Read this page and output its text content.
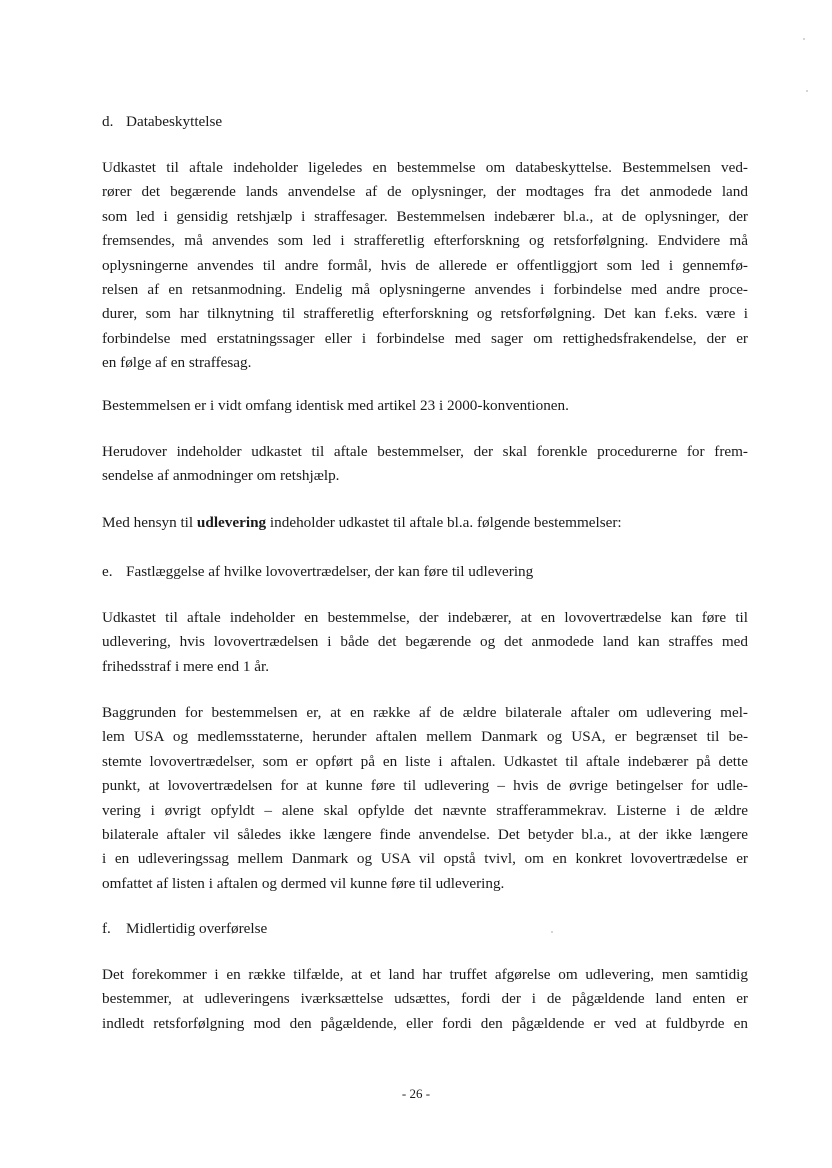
d. Databeskyttelse
Udkastet til aftale indeholder ligeledes en bestemmelse om databeskyttelse. Bestemmelsen ved-
rører det begærende lands anvendelse af de oplysninger, der modtages fra det anmodede land
som led i gensidig retshjælp i straffesager. Bestemmelsen indebærer bl.a., at de oplysninger, der
fremsendes, må anvendes som led i strafferetlig efterforskning og retsforfølgning. Endvidere må
oplysningerne anvendes til andre formål, hvis de allerede er offentliggjort som led i gennemfø-
relsen af en retsanmodning. Endelig må oplysningerne anvendes i forbindelse med andre proce-
durer, som har tilknytning til strafferetlig efterforskning og retsforfølgning. Det kan f.eks. være i
forbindelse med erstatningssager eller i forbindelse med sager om rettighedsfrakendelse, der er
en følge af en straffesag.
Bestemmelsen er i vidt omfang identisk med artikel 23 i 2000-konventionen.
Herudover indeholder udkastet til aftale bestemmelser, der skal forenkle procedurerne for frem-
sendelse af anmodninger om retshjælp.
Med hensyn til udlevering indeholder udkastet til aftale bl.a. følgende bestemmelser:
e. Fastlæggelse af hvilke lovovertrædelser, der kan føre til udlevering
Udkastet til aftale indeholder en bestemmelse, der indebærer, at en lovovertrædelse kan føre til
udlevering, hvis lovovertrædelsen i både det begærende og det anmodede land kan straffes med
frihedsstraf i mere end 1 år.
Baggrunden for bestemmelsen er, at en række af de ældre bilaterale aftaler om udlevering mel-
lem USA og medlemsstaterne, herunder aftalen mellem Danmark og USA, er begrænset til be-
stemte lovovertrædelser, som er opført på en liste i aftalen. Udkastet til aftale indebærer på dette
punkt, at lovovertrædelsen for at kunne føre til udlevering – hvis de øvrige betingelser for udle-
vering i øvrigt opfyldt – alene skal opfylde det nævnte strafferammekrav. Listerne i de ældre
bilaterale aftaler vil således ikke længere finde anvendelse. Det betyder bl.a., at der ikke længere
i en udleveringssag mellem Danmark og USA vil opstå tvivl, om en konkret lovovertrædelse er
omfattet af listen i aftalen og dermed vil kunne føre til udlevering.
f. Midlertidig overførelse
Det forekommer i en række tilfælde, at et land har truffet afgørelse om udlevering, men samtidig
bestemmer, at udleveringens iværksættelse udsættes, fordi der i de pågældende land enten er
indledt retsforfølgning mod den pågældende, eller fordi den pågældende er ved at fuldbyrde en
- 26 -
